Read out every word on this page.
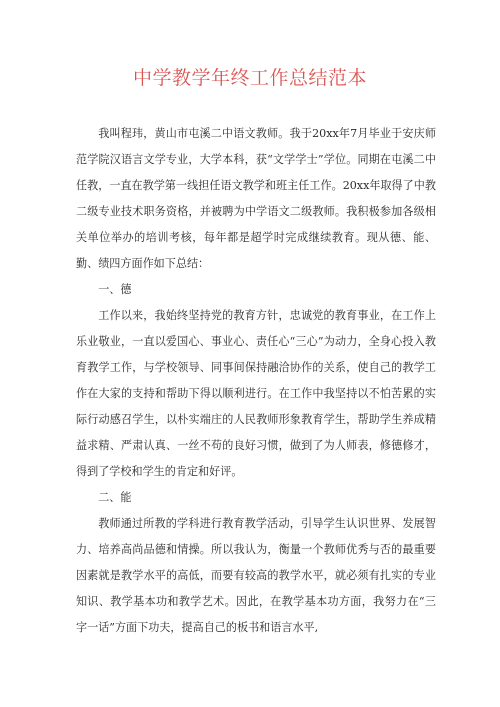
中学教学年终工作总结范本

我叫程玮，黄山市屯溪二中语文教师。我于20xx年7月毕业于安庆师范学院汉语言文学专业，大学本科，获“文学学士”学位。同期在屯溪二中任教，一直在教学第一线担任语文教学和班主任工作。20xx年取得了中教二级专业技术职务资格，并被聘为中学语文二级教师。我积极参加各级相关单位举办的培训考核，每年都是超学时完成继续教育。现从德、能、勤、绩四方面作如下总结：

一、德

工作以来，我始终坚持党的教育方针，忠诚党的教育事业，在工作上乐业敬业，一直以爱国心、事业心、责任心“三心”为动力，全身心投入教育教学工作，与学校领导、同事间保持融洽协作的关系，使自己的教学工作在大家的支持和帮助下得以顺利进行。在工作中我坚持以不怕苦累的实际行动感召学生，以朴实端庄的人民教师形象教育学生，帮助学生养成精益求精、严肃认真、一丝不苟的良好习惯，做到了为人师表，修德修才，得到了学校和学生的肯定和好评。

二、能

教师通过所教的学科进行教育教学活动，引导学生认识世界、发展智力、培养高尚品德和情操。所以我认为，衡量一个教师优秀与否的最重要因素就是教学水平的高低，而要有较高的教学水平，就必须有扎实的专业知识、教学基本功和教学艺术。因此，在教学基本功方面，我努力在“三字一话”方面下功夫，提高自己的板书和语言水平,
